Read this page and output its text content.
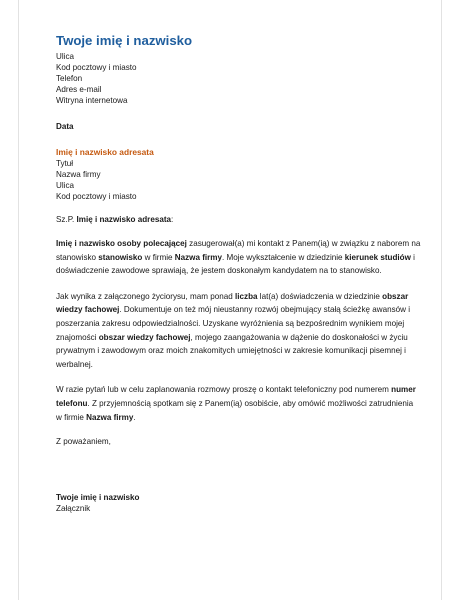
Twoje imię i nazwisko
Ulica
Kod pocztowy i miasto
Telefon
Adres e-mail
Witryna internetowa
Data
Imię i nazwisko adresata
Tytuł
Nazwa firmy
Ulica
Kod pocztowy i miasto
Sz.P. Imię i nazwisko adresata:

Imię i nazwisko osoby polecającej zasugerował(a) mi kontakt z Panem(ią) w związku z naborem na stanowisko stanowisko w firmie Nazwa firmy. Moje wykształcenie w dziedzinie kierunek studiów i doświadczenie zawodowe sprawiają, że jestem doskonałym kandydatem na to stanowisko.

Jak wynika z załączonego życiorysu, mam ponad liczba lat(a) doświadczenia w dziedzinie obszar wiedzy fachowej. Dokumentuje on też mój nieustanny rozwój obejmujący stałą ścieżkę awansów i poszerzania zakresu odpowiedzialności. Uzyskane wyróżnienia są bezpośrednim wynikiem mojej znajomości obszar wiedzy fachowej, mojego zaangażowania w dążenie do doskonałości w życiu prywatnym i zawodowym oraz moich znakomitych umiejętności w zakresie komunikacji pisemnej i werbalnej.

W razie pytań lub w celu zaplanowania rozmowy proszę o kontakt telefoniczny pod numerem numer telefonu. Z przyjemnością spotkam się z Panem(ią) osobiście, aby omówić możliwości zatrudnienia w firmie Nazwa firmy.

Z poważaniem,
Twoje imię i nazwisko
Załącznik
